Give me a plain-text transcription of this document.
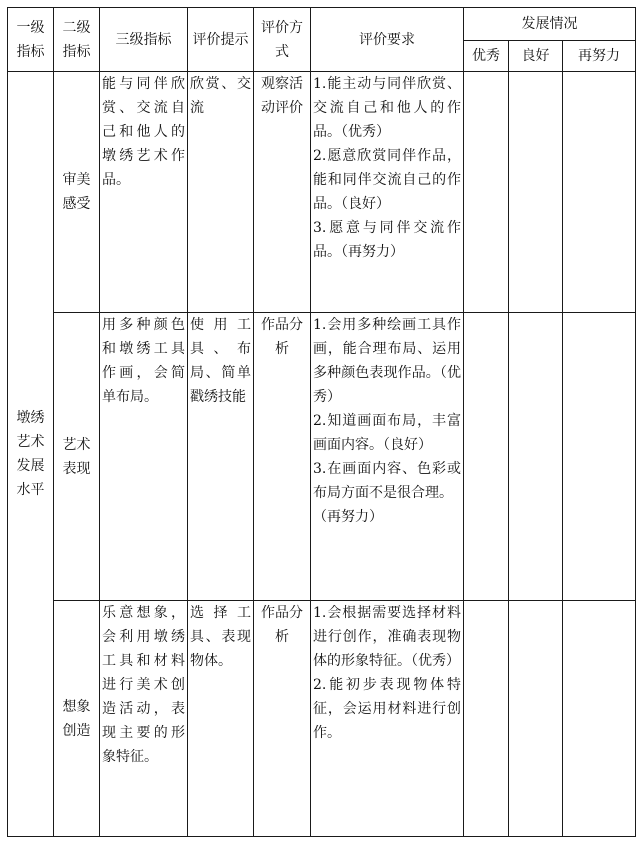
一级指标	二级指标	三级指标	评价提示	评价方式	评价要求	发展情况		
						优秀	良好	再努力
墩绣艺术发展水平	审美感受	能与同伴欣赏、交流自己和他人的墩绣艺术作品。	欣赏、交流	观察活动评价	1.能主动与同伴欣赏、交流自己和他人的作品。（优秀）
2.愿意欣赏同伴作品，能和同伴交流自己的作品。（良好）
3.愿意与同伴交流作品。（再努力）			

	艺术表现	用多种颜色和墩绣工具作画，会简单布局。	使用工具、布局、简单戳绣技能	作品分析	1.会用多种绘画工具作画，能合理布局、运用多种颜色表现作品。（优秀）
2.知道画面布局，丰富画面内容。（良好）
3.在画面内容、色彩或布局方面不是很合理。
（再努力）			

	想象创造	乐意想象，会利用墩绣工具和材料进行美术创造活动，表现主要的形象特征。	选择工具、表现物体。	作品分析	1.会根据需要选择材料进行创作，准确表现物体的形象特征。（优秀）
2.能初步表现物体特征，会运用材料进行创作。			
